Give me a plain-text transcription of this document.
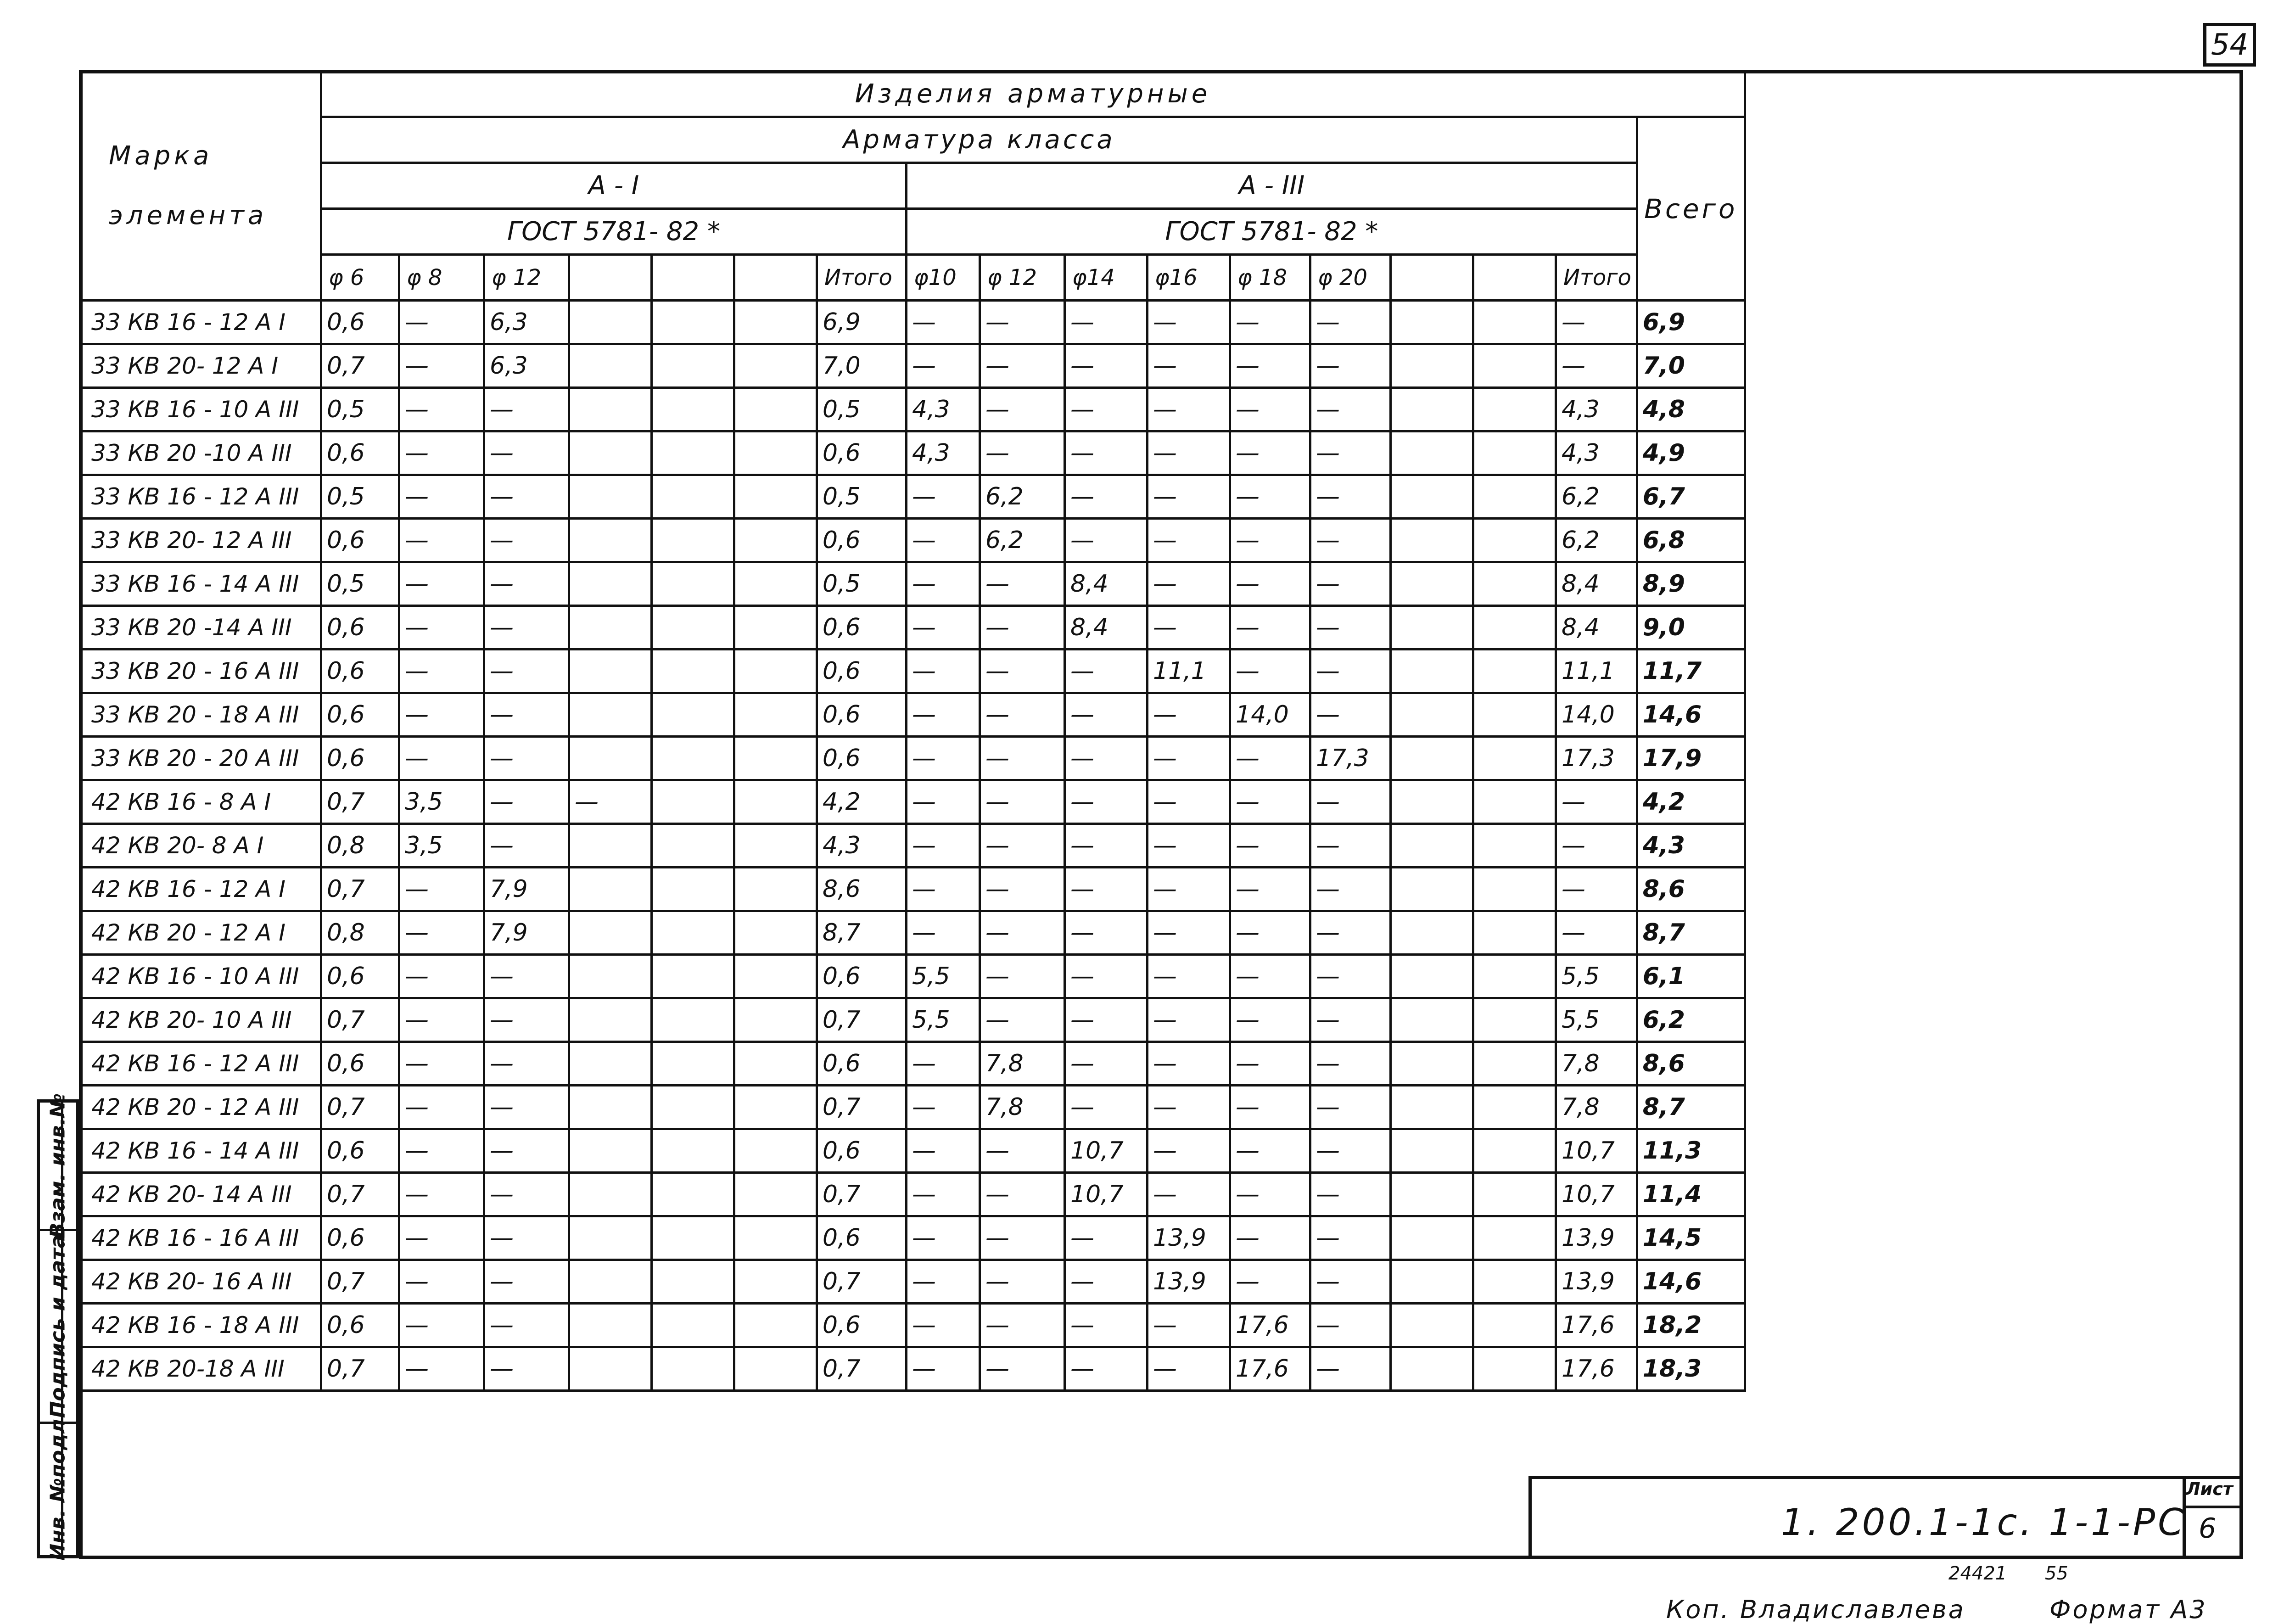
54
Марка
элемента	Изделия арматурные																
	Арматура класса																Всего
	А - I							А - III									
	ГОСТ 5781- 82 *							ГОСТ 5781- 82 *									
	φ 6	φ 8	φ 12				Итого	φ10	φ 12	φ14	φ16	φ 18	φ 20			Итого	
33 КВ 16 - 12 А I	0,6	—	6,3				6,9	—	—	—	—	—	—			—	6,9
33 КВ 20- 12 А I	0,7	—	6,3				7,0	—	—	—	—	—	—			—	7,0
33 КВ 16 - 10 А III	0,5	—	—				0,5	4,3	—	—	—	—	—			4,3	4,8
33 КВ 20 -10 А III	0,6	—	—				0,6	4,3	—	—	—	—	—			4,3	4,9
33 КВ 16 - 12 А III	0,5	—	—				0,5	—	6,2	—	—	—	—			6,2	6,7
33 КВ 20- 12 А III	0,6	—	—				0,6	—	6,2	—	—	—	—			6,2	6,8
33 КВ 16 - 14 А III	0,5	—	—				0,5	—	—	8,4	—	—	—			8,4	8,9
33 КВ 20 -14 А III	0,6	—	—				0,6	—	—	8,4	—	—	—			8,4	9,0
33 КВ 20 - 16 А III	0,6	—	—				0,6	—	—	—	11,1	—	—			11,1	11,7
33 КВ 20 - 18 А III	0,6	—	—				0,6	—	—	—	—	14,0	—			14,0	14,6
33 КВ 20 - 20 А III	0,6	—	—				0,6	—	—	—	—	—	17,3			17,3	17,9
42 КВ 16 - 8 А I	0,7	3,5	—	—			4,2	—	—	—	—	—	—			—	4,2
42 КВ 20- 8 А I	0,8	3,5	—				4,3	—	—	—	—	—	—			—	4,3
42 КВ 16 - 12 А I	0,7	—	7,9				8,6	—	—	—	—	—	—			—	8,6
42 КВ 20 - 12 А I	0,8	—	7,9				8,7	—	—	—	—	—	—			—	8,7
42 КВ 16 - 10 А III	0,6	—	—				0,6	5,5	—	—	—	—	—			5,5	6,1
42 КВ 20- 10 А III	0,7	—	—				0,7	5,5	—	—	—	—	—			5,5	6,2
42 КВ 16 - 12 А III	0,6	—	—				0,6	—	7,8	—	—	—	—			7,8	8,6
42 КВ 20 - 12 А III	0,7	—	—				0,7	—	7,8	—	—	—	—			7,8	8,7
42 КВ 16 - 14 А III	0,6	—	—				0,6	—	—	10,7	—	—	—			10,7	11,3
42 КВ 20- 14 А III	0,7	—	—				0,7	—	—	10,7	—	—	—			10,7	11,4
42 КВ 16 - 16 А III	0,6	—	—				0,6	—	—	—	13,9	—	—			13,9	14,5
42 КВ 20- 16 А III	0,7	—	—				0,7	—	—	—	13,9	—	—			13,9	14,6
42 КВ 16 - 18 А III	0,6	—	—				0,6	—	—	—	—	17,6	—			17,6	18,2
42 КВ 20-18 А III	0,7	—	—				0,7	—	—	—	—	17,6	—			17,6	18,3
Взам. инв.№
Подпись и дата
Инв. №подл	1. 200.1-1с. 1-1-РС
Лист
6
24421 55
Коп. Владиславлева	Формат А3
